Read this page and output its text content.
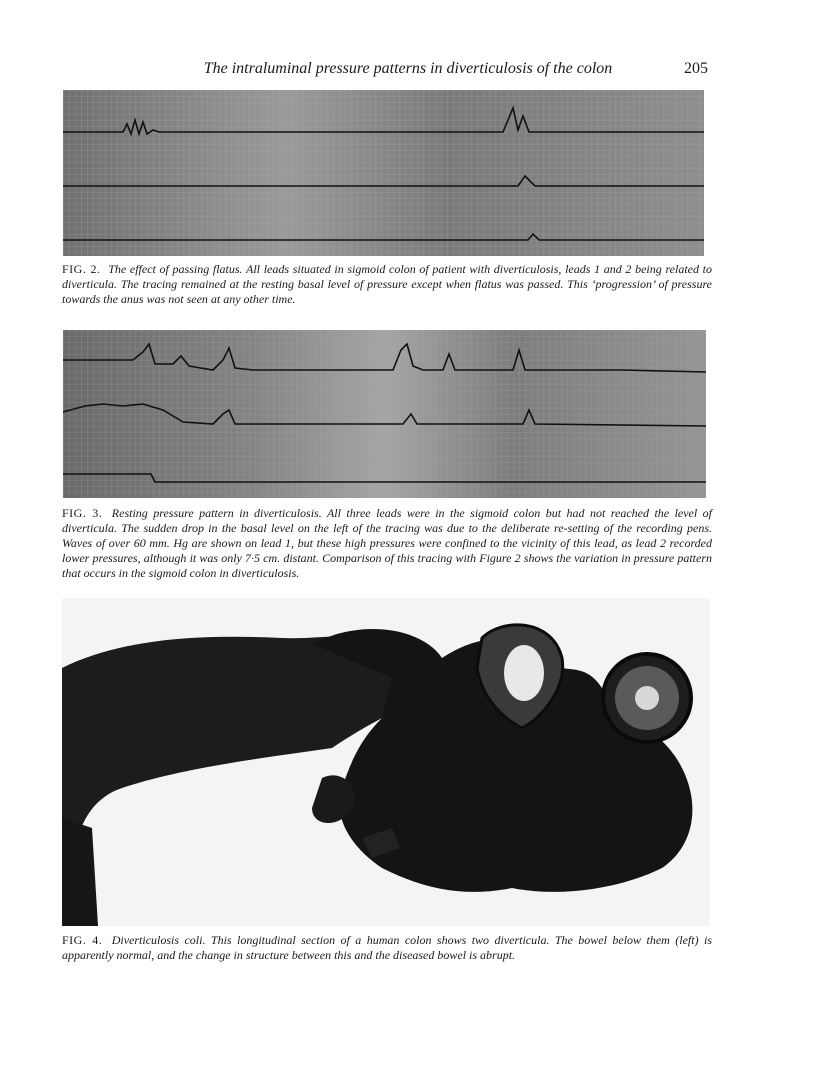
The intraluminal pressure patterns in diverticulosis of the colon	205
FIG. 2. The effect of passing flatus. All leads situated in sigmoid colon of patient with diverticulosis, leads 1 and 2 being related to diverticula. The tracing remained at the resting basal level of pressure except when flatus was passed. This ‘progression’ of pressure towards the anus was not seen at any other time.
FIG. 3. Resting pressure pattern in diverticulosis. All three leads were in the sigmoid colon but had not reached the level of diverticula. The sudden drop in the basal level on the left of the tracing was due to the deliberate re-setting of the recording pens. Waves of over 60 mm. Hg are shown on lead 1, but these high pressures were confined to the vicinity of this lead, as lead 2 recorded lower pressures, although it was only 7·5 cm. distant. Comparison of this tracing with Figure 2 shows the variation in pressure pattern that occurs in the sigmoid colon in diverticulosis.
FIG. 4. Diverticulosis coli. This longitudinal section of a human colon shows two diverticula. The bowel below them (left) is apparently normal, and the change in structure between this and the diseased bowel is abrupt.
